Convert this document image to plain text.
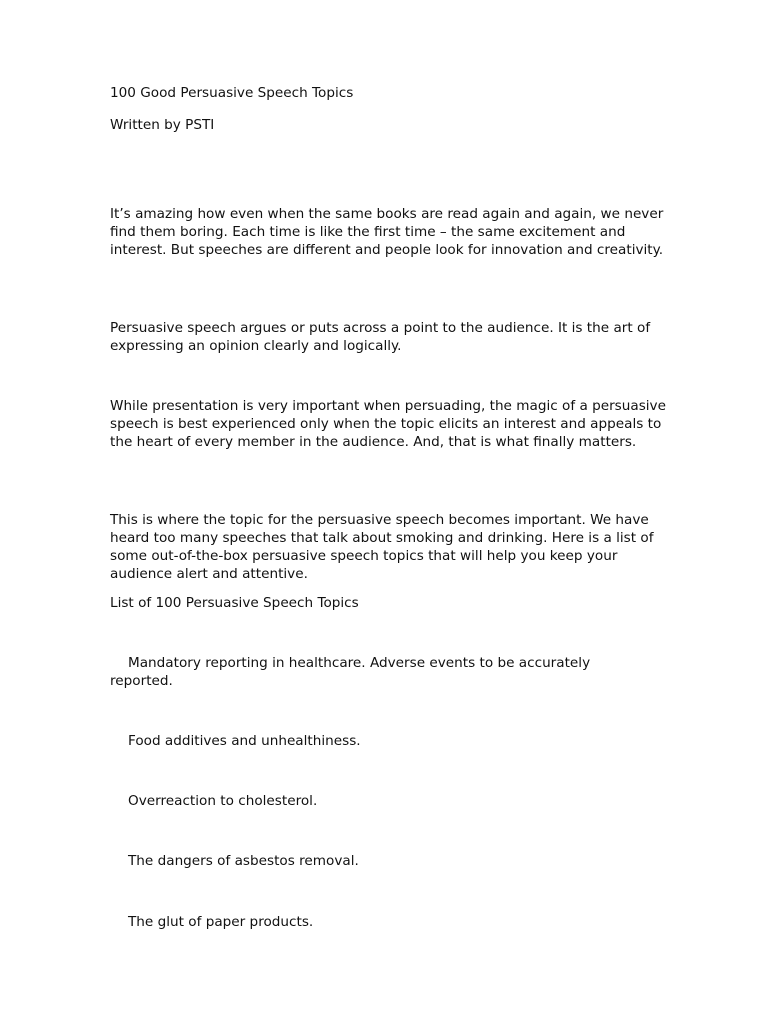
100 Good Persuasive Speech Topics

Written by PSTI

It’s amazing how even when the same books are read again and again, we never find them boring. Each time is like the first time – the same excitement and interest. But speeches are different and people look for innovation and creativity.

Persuasive speech argues or puts across a point to the audience. It is the art of expressing an opinion clearly and logically.

While presentation is very important when persuading, the magic of a persuasive speech is best experienced only when the topic elicits an interest and appeals to the heart of every member in the audience. And, that is what finally matters.

This is where the topic for the persuasive speech becomes important. We have heard too many speeches that talk about smoking and drinking. Here is a list of some out-of-the-box persuasive speech topics that will help you keep your audience alert and attentive.

List of 100 Persuasive Speech Topics

Mandatory reporting in healthcare. Adverse events to be accurately reported.

Food additives and unhealthiness.

Overreaction to cholesterol.

The dangers of asbestos removal.

The glut of paper products.
